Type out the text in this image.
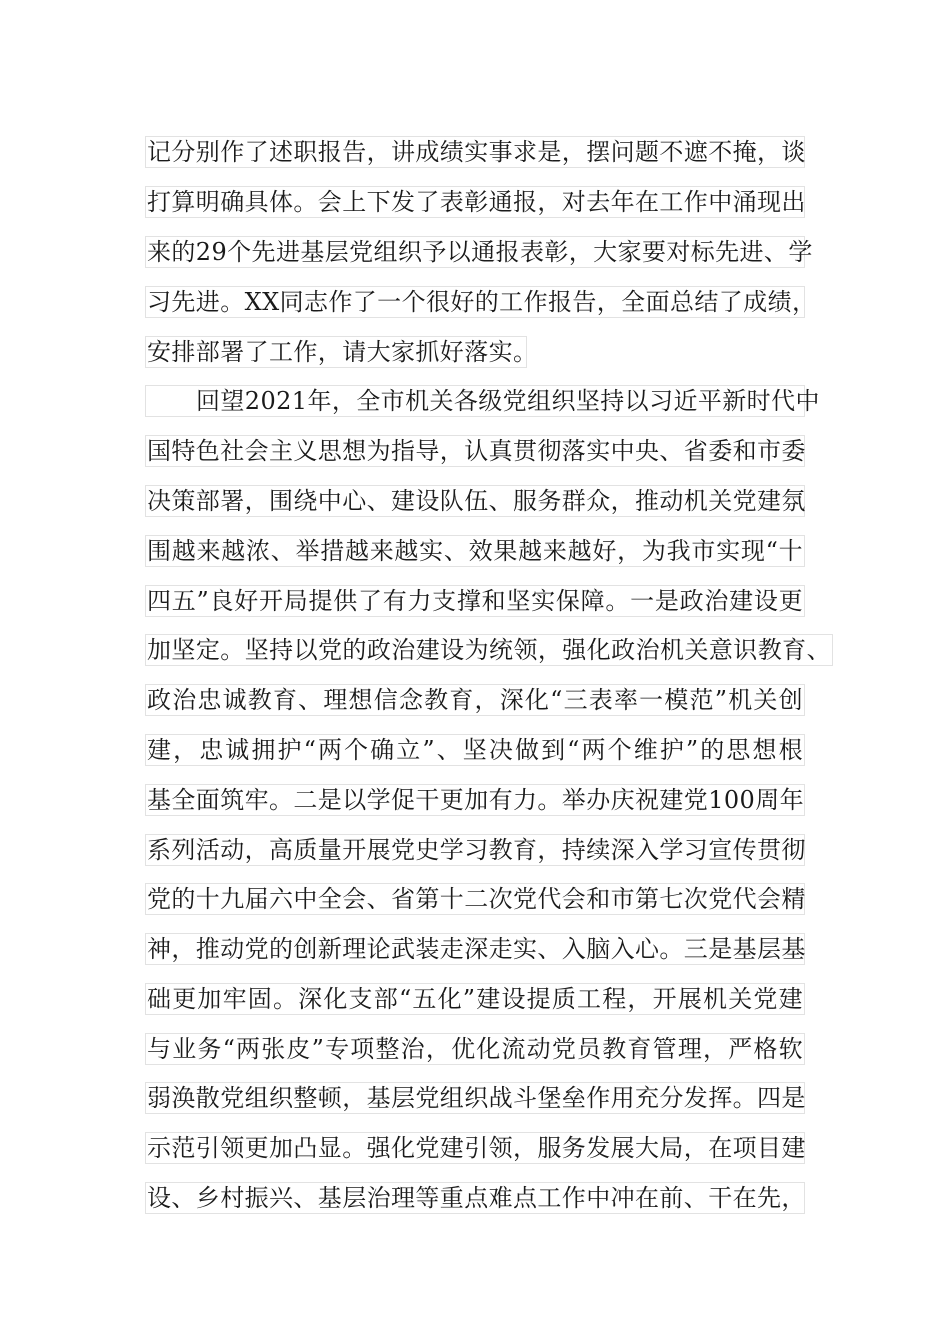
记分别作了述职报告，讲成绩实事求是，摆问题不遮不掩，谈
打算明确具体。会上下发了表彰通报，对去年在工作中涌现出
来的29个先进基层党组织予以通报表彰，大家要对标先进、学
习先进。XX同志作了一个很好的工作报告，全面总结了成绩，
安排部署了工作，请大家抓好落实。
回望2021年，全市机关各级党组织坚持以习近平新时代中
国特色社会主义思想为指导，认真贯彻落实中央、省委和市委
决策部署，围绕中心、建设队伍、服务群众，推动机关党建氛
围越来越浓、举措越来越实、效果越来越好，为我市实现“十
四五”良好开局提供了有力支撑和坚实保障。一是政治建设更
加坚定。坚持以党的政治建设为统领，强化政治机关意识教育、
政治忠诚教育、理想信念教育，深化“三表率一模范”机关创
建，忠诚拥护“两个确立”、坚决做到“两个维护”的思想根
基全面筑牢。二是以学促干更加有力。举办庆祝建党100周年
系列活动，高质量开展党史学习教育，持续深入学习宣传贯彻
党的十九届六中全会、省第十二次党代会和市第七次党代会精
神，推动党的创新理论武装走深走实、入脑入心。三是基层基
础更加牢固。深化支部“五化”建设提质工程，开展机关党建
与业务“两张皮”专项整治，优化流动党员教育管理，严格软
弱涣散党组织整顿，基层党组织战斗堡垒作用充分发挥。四是
示范引领更加凸显。强化党建引领，服务发展大局，在项目建
设、乡村振兴、基层治理等重点难点工作中冲在前、干在先，
